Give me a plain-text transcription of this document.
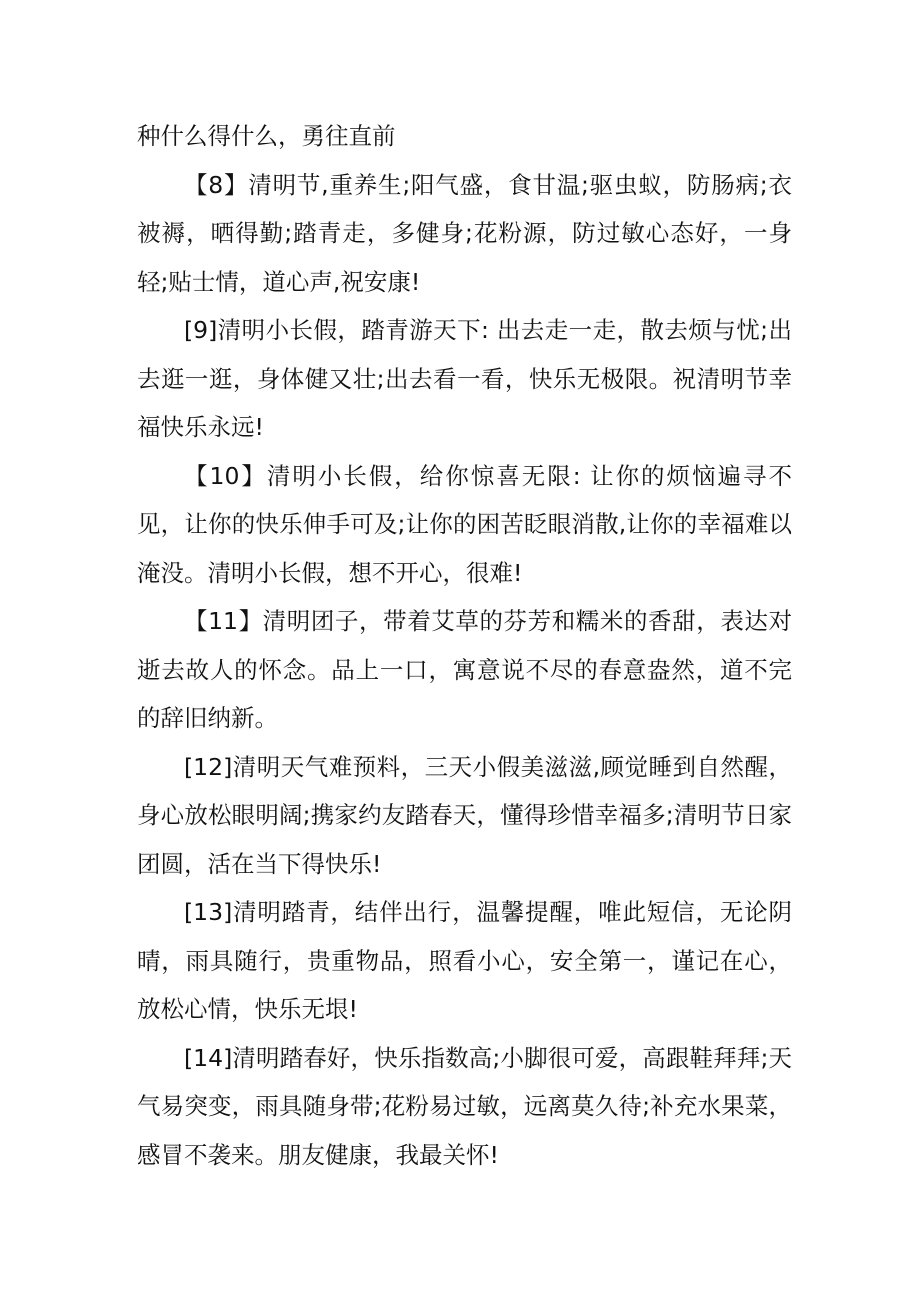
种什么得什么，勇往直前

【8】清明节,重养生;阳气盛，食甘温;驱虫蚁，防肠病;衣被褥，晒得勤;踏青走，多健身;花粉源，防过敏心态好，一身轻;贴士情，道心声,祝安康!

[9]清明小长假，踏青游天下: 出去走一走，散去烦与忧;出去逛一逛，身体健又壮;出去看一看，快乐无极限。祝清明节幸福快乐永远!

【10】清明小长假，给你惊喜无限: 让你的烦恼遍寻不见，让你的快乐伸手可及;让你的困苦眨眼消散,让你的幸福难以淹没。清明小长假，想不开心，很难!

【11】清明团子，带着艾草的芬芳和糯米的香甜，表达对逝去故人的怀念。品上一口，寓意说不尽的春意盎然，道不完的辞旧纳新。

[12]清明天气难预料，三天小假美滋滋,顾觉睡到自然醒，身心放松眼明阔;携家约友踏春天，懂得珍惜幸福多;清明节日家团圆，活在当下得快乐!

[13]清明踏青，结伴出行，温馨提醒，唯此短信，无论阴晴，雨具随行，贵重物品，照看小心，安全第一，谨记在心，放松心情，快乐无垠!

[14]清明踏春好，快乐指数高;小脚很可爱，高跟鞋拜拜;天气易突变，雨具随身带;花粉易过敏，远离莫久待;补充水果菜，感冒不袭来。朋友健康，我最关怀!
